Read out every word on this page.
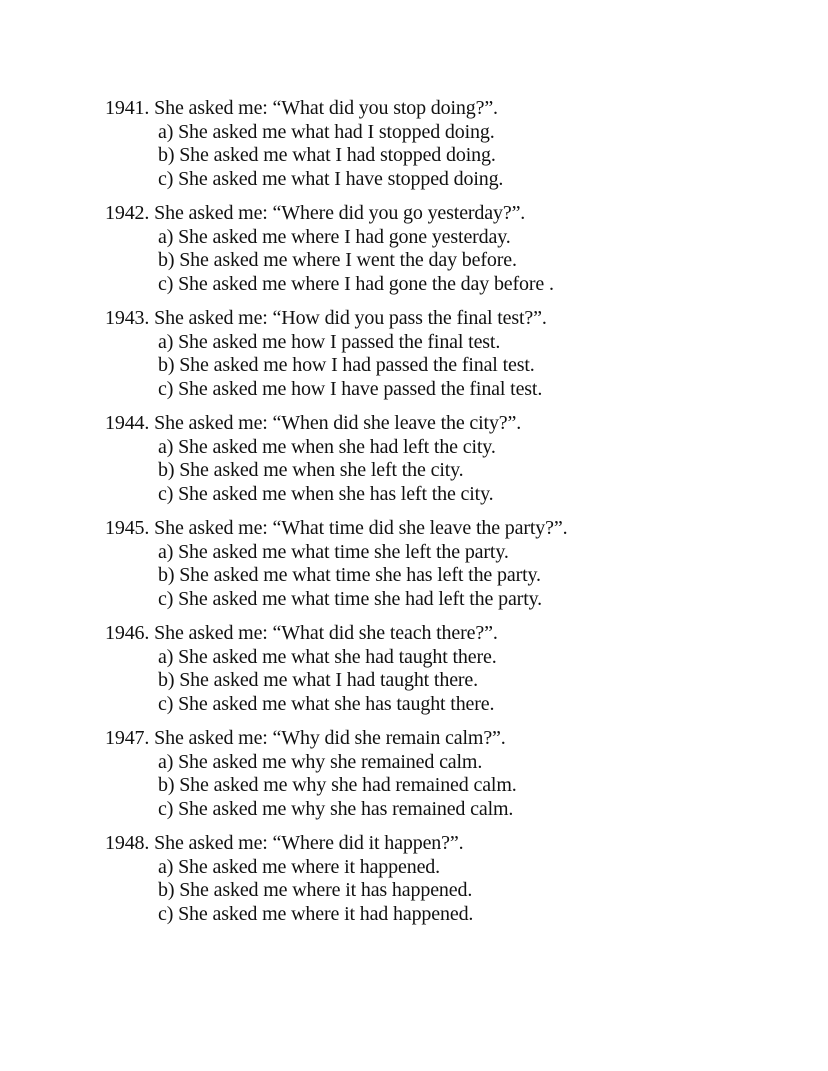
1941. She asked me: “What did you stop doing?”.
a) She asked me what had I stopped doing.
b) She asked me what I had stopped doing.
c) She asked me what I have stopped doing.
1942. She asked me: “Where did you go yesterday?”.
a) She asked me where I had gone yesterday.
b) She asked me where I went the day before.
c) She asked me where I had gone the day before .
1943. She asked me: “How did you pass the final test?”.
a) She asked me how I passed the final test.
b) She asked me how I had passed the final test.
c) She asked me how I have passed the final test.
1944. She asked me: “When did she leave the city?”.
a) She asked me when she had left the city.
b) She asked me when she left the city.
c) She asked me when she has left the city.
1945. She asked me: “What time did she leave the party?”.
a) She asked me what time she left the party.
b) She asked me what time she has left the party.
c) She asked me what time she had left the party.
1946. She asked me: “What did she teach there?”.
a) She asked me what she had taught there.
b) She asked me what I had taught there.
c) She asked me what she has taught there.
1947. She asked me: “Why did she remain calm?”.
a) She asked me why she remained calm.
b) She asked me why she had remained calm.
c) She asked me why she has remained calm.
1948. She asked me: “Where did it happen?”.
a) She asked me where it happened.
b) She asked me where it has happened.
c) She asked me where it had happened.
